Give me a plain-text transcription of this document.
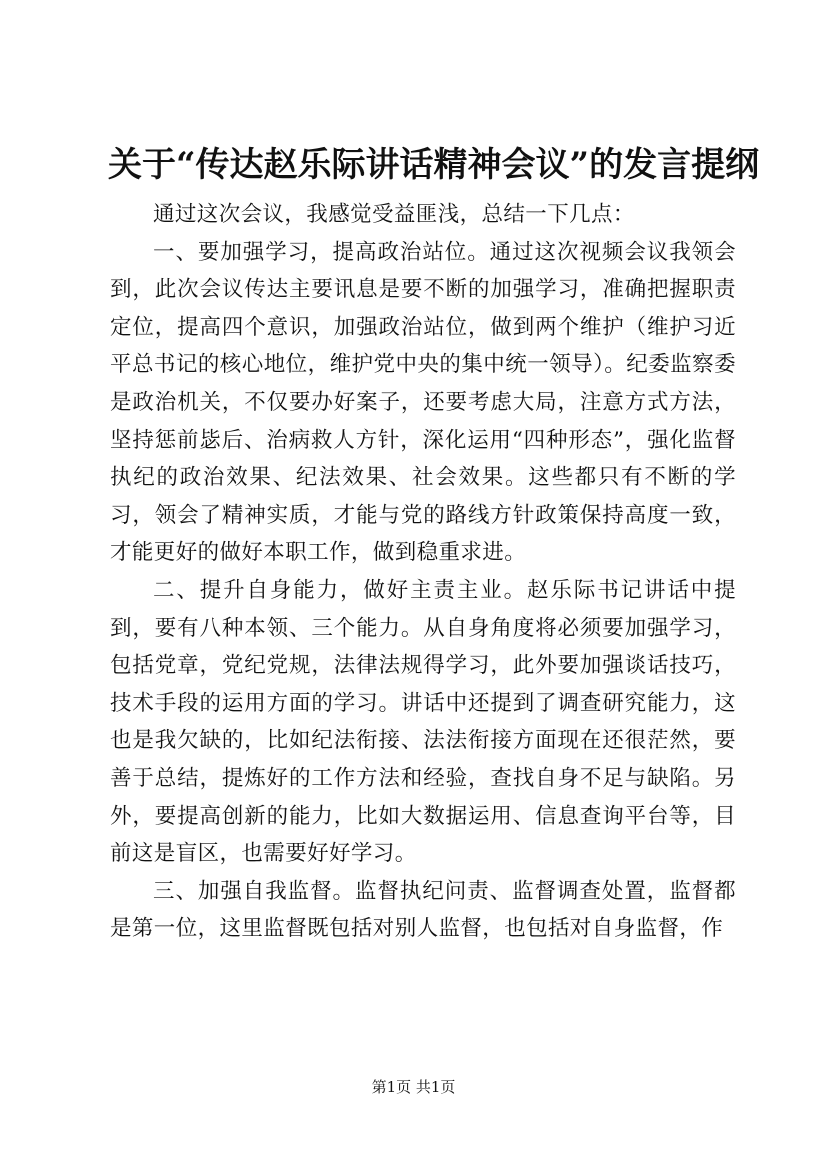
关于“传达赵乐际讲话精神会议”的发言提纲

通过这次会议，我感觉受益匪浅，总结一下几点：

一、要加强学习，提高政治站位。通过这次视频会议我领会到，此次会议传达主要讯息是要不断的加强学习，准确把握职责定位，提高四个意识，加强政治站位，做到两个维护（维护习近平总书记的核心地位，维护党中央的集中统一领导）。纪委监察委是政治机关，不仅要办好案子，还要考虑大局，注意方式方法，坚持惩前毖后、治病救人方针，深化运用“四种形态”，强化监督执纪的政治效果、纪法效果、社会效果。这些都只有不断的学习，领会了精神实质，才能与党的路线方针政策保持高度一致，才能更好的做好本职工作，做到稳重求进。

二、提升自身能力，做好主责主业。赵乐际书记讲话中提到，要有八种本领、三个能力。从自身角度将必须要加强学习，包括党章，党纪党规，法律法规得学习，此外要加强谈话技巧，技术手段的运用方面的学习。讲话中还提到了调查研究能力，这也是我欠缺的，比如纪法衔接、法法衔接方面现在还很茫然，要善于总结，提炼好的工作方法和经验，查找自身不足与缺陷。另外，要提高创新的能力，比如大数据运用、信息查询平台等，目前这是盲区，也需要好好学习。

三、加强自我监督。监督执纪问责、监督调查处置，监督都是第一位，这里监督既包括对别人监督，也包括对自身监督，作

第1页 共1页
